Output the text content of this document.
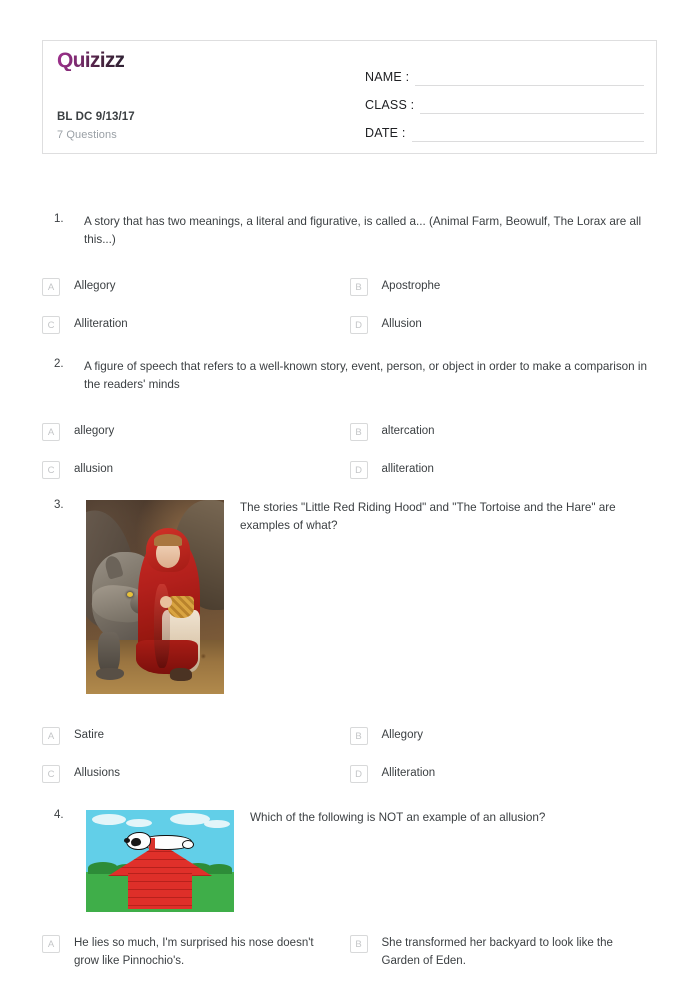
Quizizz
BL DC 9/13/17
7 Questions
NAME :
CLASS :
DATE :
1.	A story that has two meanings, a literal and figurative, is called a... (Animal Farm, Beowulf, The Lorax are all this...)
A	Allegory	B	Apostrophe
C	Alliteration	D	Allusion
2.	A figure of speech that refers to a well-known story, event, person, or object in order to make a comparison in the readers' minds
A	allegory	B	altercation
C	allusion	D	alliteration
3.	The stories "Little Red Riding Hood" and "The Tortoise and the Hare" are examples of what?
A	Satire	B	Allegory
C	Allusions	D	Alliteration
4.	Which of the following is NOT an example of an allusion?
A	He lies so much, I'm surprised his nose doesn't grow like Pinnochio's.
B	She transformed her backyard to look like the Garden of Eden.
